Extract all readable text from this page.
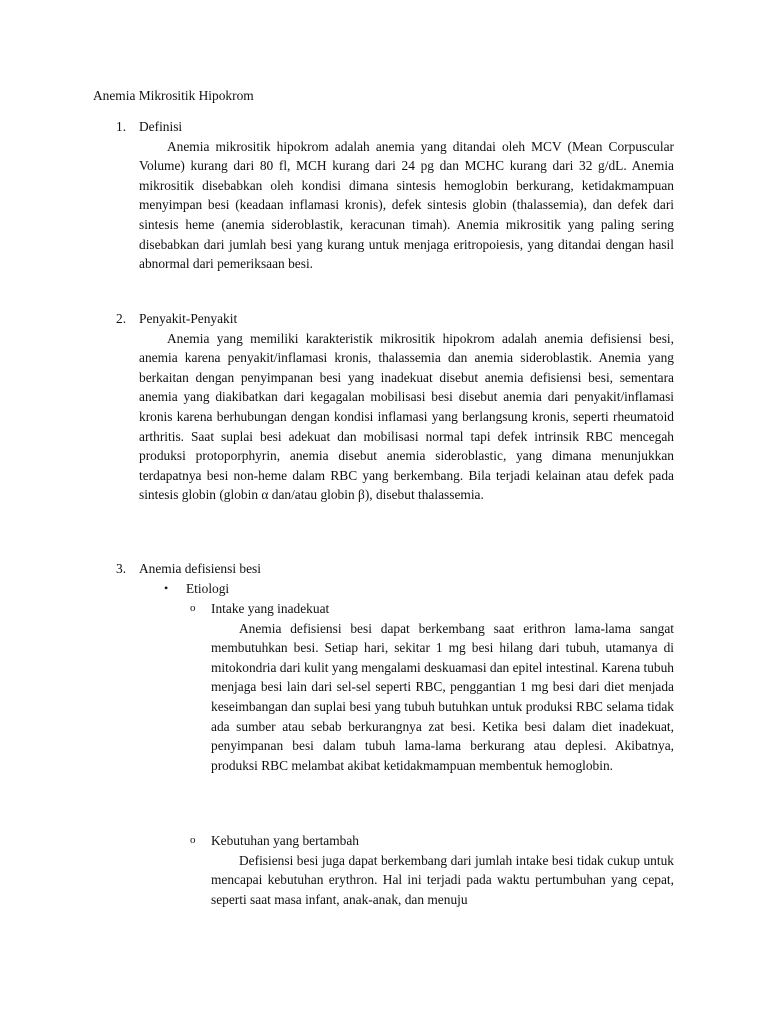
Anemia Mikrositik Hipokrom
1. Definisi

Anemia mikrositik hipokrom adalah anemia yang ditandai oleh MCV (Mean Corpuscular Volume) kurang dari 80 fl, MCH kurang dari 24 pg dan MCHC kurang dari 32 g/dL. Anemia mikrositik disebabkan oleh kondisi dimana sintesis hemoglobin berkurang, ketidakmampuan menyimpan besi (keadaan inflamasi kronis), defek sintesis globin (thalassemia), dan defek dari sintesis heme (anemia sideroblastik, keracunan timah). Anemia mikrositik yang paling sering disebabkan dari jumlah besi yang kurang untuk menjaga eritropoiesis, yang ditandai dengan hasil abnormal dari pemeriksaan besi.

2. Penyakit-Penyakit

Anemia yang memiliki karakteristik mikrositik hipokrom adalah anemia defisiensi besi, anemia karena penyakit/inflamasi kronis, thalassemia dan anemia sideroblastik. Anemia yang berkaitan dengan penyimpanan besi yang inadekuat disebut anemia defisiensi besi, sementara anemia yang diakibatkan dari kegagalan mobilisasi besi disebut anemia dari penyakit/inflamasi kronis karena berhubungan dengan kondisi inflamasi yang berlangsung kronis, seperti rheumatoid arthritis. Saat suplai besi adekuat dan mobilisasi normal tapi defek intrinsik RBC mencegah produksi protoporphyrin, anemia disebut anemia sideroblastic, yang dimana menunjukkan terdapatnya besi non-heme dalam RBC yang berkembang. Bila terjadi kelainan atau defek pada sintesis globin (globin α dan/atau globin β), disebut thalassemia.

3. Anemia defisiensi besi
• Etiologi
o Intake yang inadekuat

Anemia defisiensi besi dapat berkembang saat erithron lama-lama sangat membutuhkan besi. Setiap hari, sekitar 1 mg besi hilang dari tubuh, utamanya di mitokondria dari kulit yang mengalami deskuamasi dan epitel intestinal. Karena tubuh menjaga besi lain dari sel-sel seperti RBC, penggantian 1 mg besi dari diet menjada keseimbangan dan suplai besi yang tubuh butuhkan untuk produksi RBC selama tidak ada sumber atau sebab berkurangnya zat besi. Ketika besi dalam diet inadekuat, penyimpanan besi dalam tubuh lama-lama berkurang atau deplesi. Akibatnya, produksi RBC melambat akibat ketidakmampuan membentuk hemoglobin.

o Kebutuhan yang bertambah

Defisiensi besi juga dapat berkembang dari jumlah intake besi tidak cukup untuk mencapai kebutuhan erythron. Hal ini terjadi pada waktu pertumbuhan yang cepat, seperti saat masa infant, anak-anak, dan menuju
